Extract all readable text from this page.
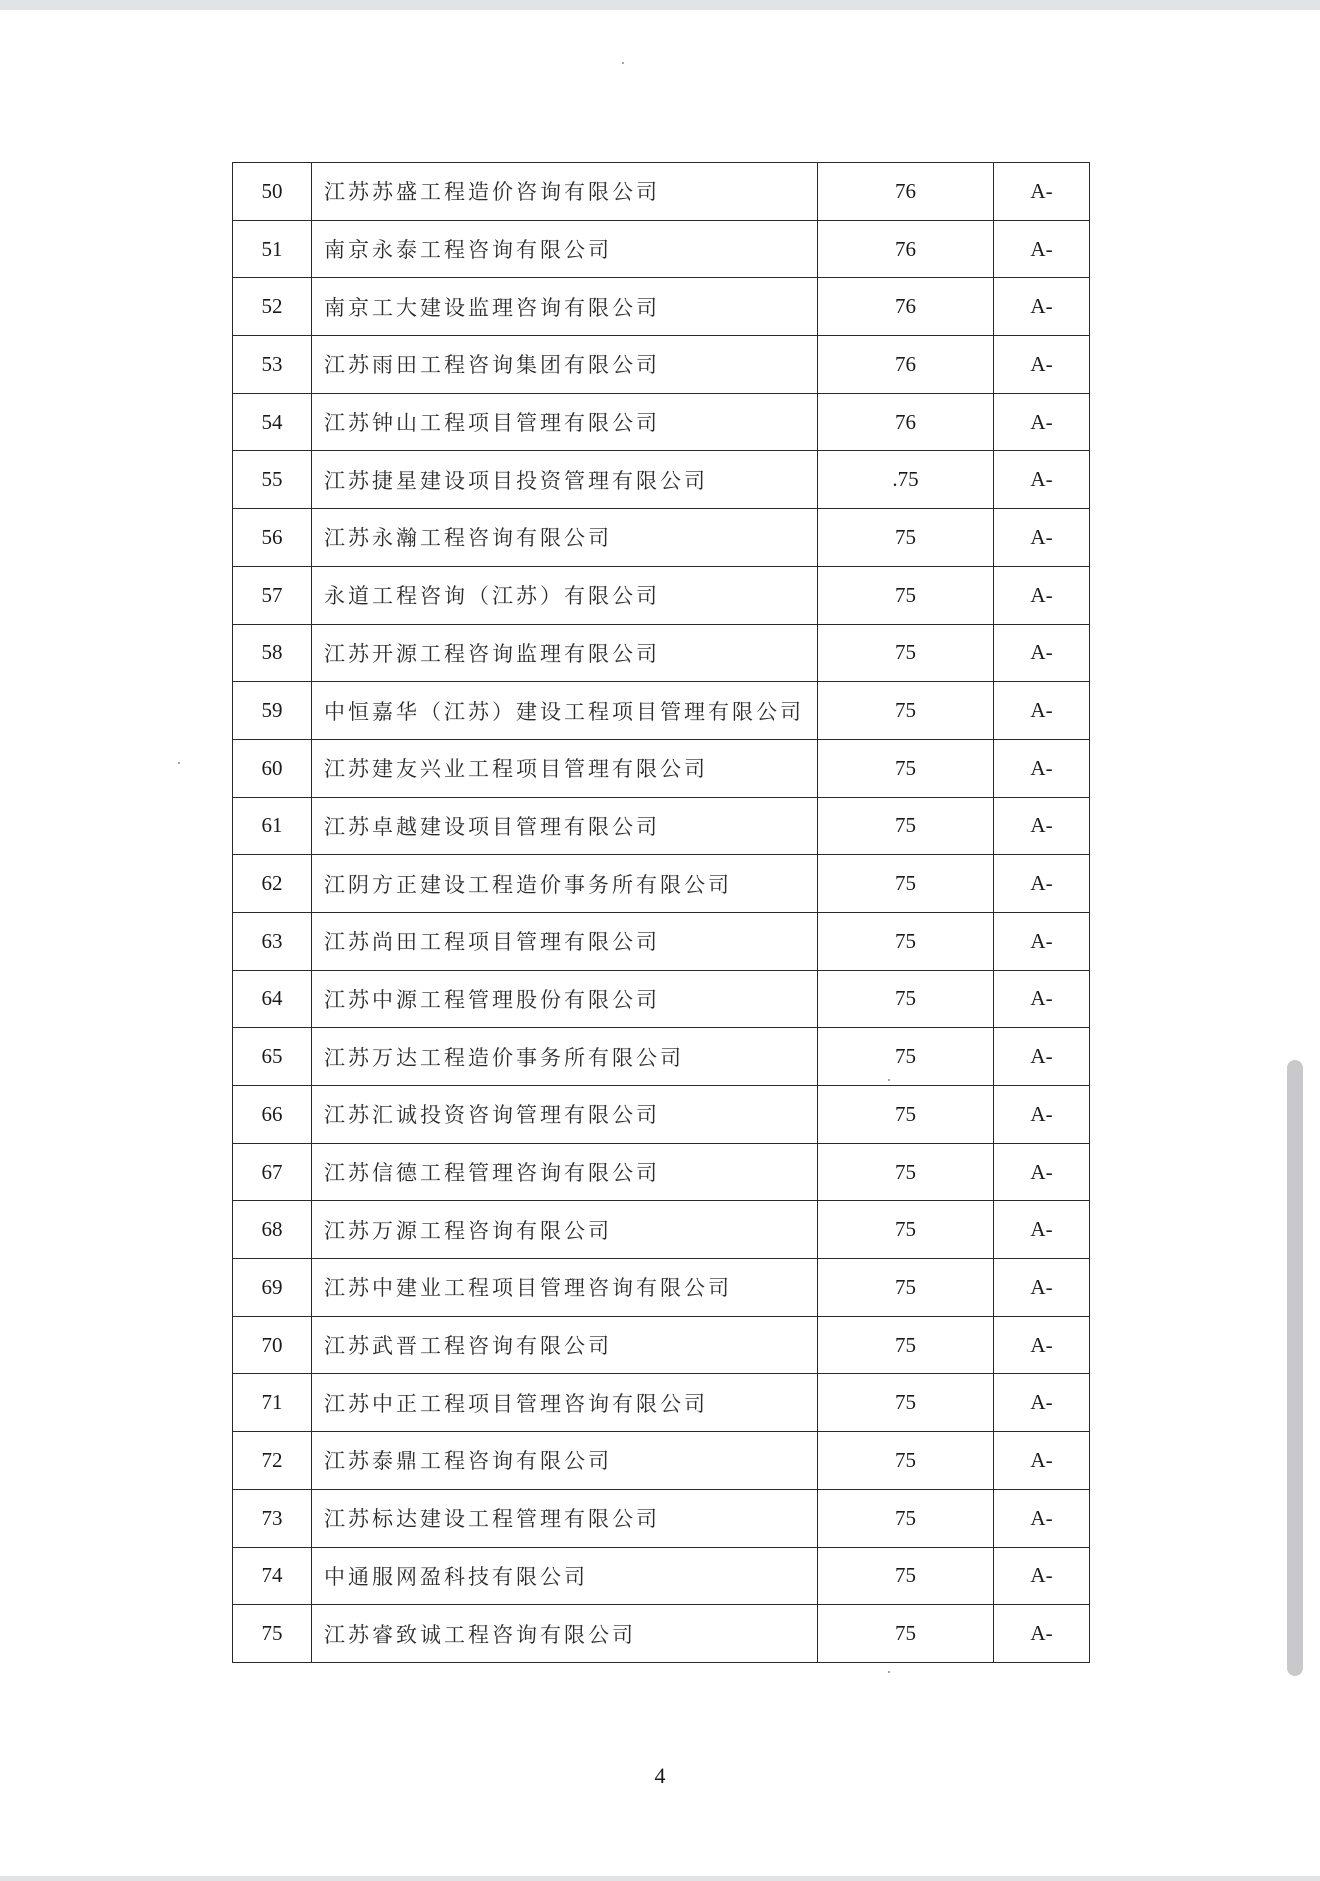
50	江苏苏盛工程造价咨询有限公司	76	A-
51	南京永泰工程咨询有限公司	76	A-
52	南京工大建设监理咨询有限公司	76	A-
53	江苏雨田工程咨询集团有限公司	76	A-
54	江苏钟山工程项目管理有限公司	76	A-
55	江苏捷星建设项目投资管理有限公司	.75	A-
56	江苏永瀚工程咨询有限公司	75	A-
57	永道工程咨询（江苏）有限公司	75	A-
58	江苏开源工程咨询监理有限公司	75	A-
59	中恒嘉华（江苏）建设工程项目管理有限公司	75	A-
60	江苏建友兴业工程项目管理有限公司	75	A-
61	江苏卓越建设项目管理有限公司	75	A-
62	江阴方正建设工程造价事务所有限公司	75	A-
63	江苏尚田工程项目管理有限公司	75	A-
64	江苏中源工程管理股份有限公司	75	A-
65	江苏万达工程造价事务所有限公司	75	A-
66	江苏汇诚投资咨询管理有限公司	75	A-
67	江苏信德工程管理咨询有限公司	75	A-
68	江苏万源工程咨询有限公司	75	A-
69	江苏中建业工程项目管理咨询有限公司	75	A-
70	江苏武晋工程咨询有限公司	75	A-
71	江苏中正工程项目管理咨询有限公司	75	A-
72	江苏泰鼎工程咨询有限公司	75	A-
73	江苏标达建设工程管理有限公司	75	A-
74	中通服网盈科技有限公司	75	A-
75	江苏睿致诚工程咨询有限公司	75	A-
4
